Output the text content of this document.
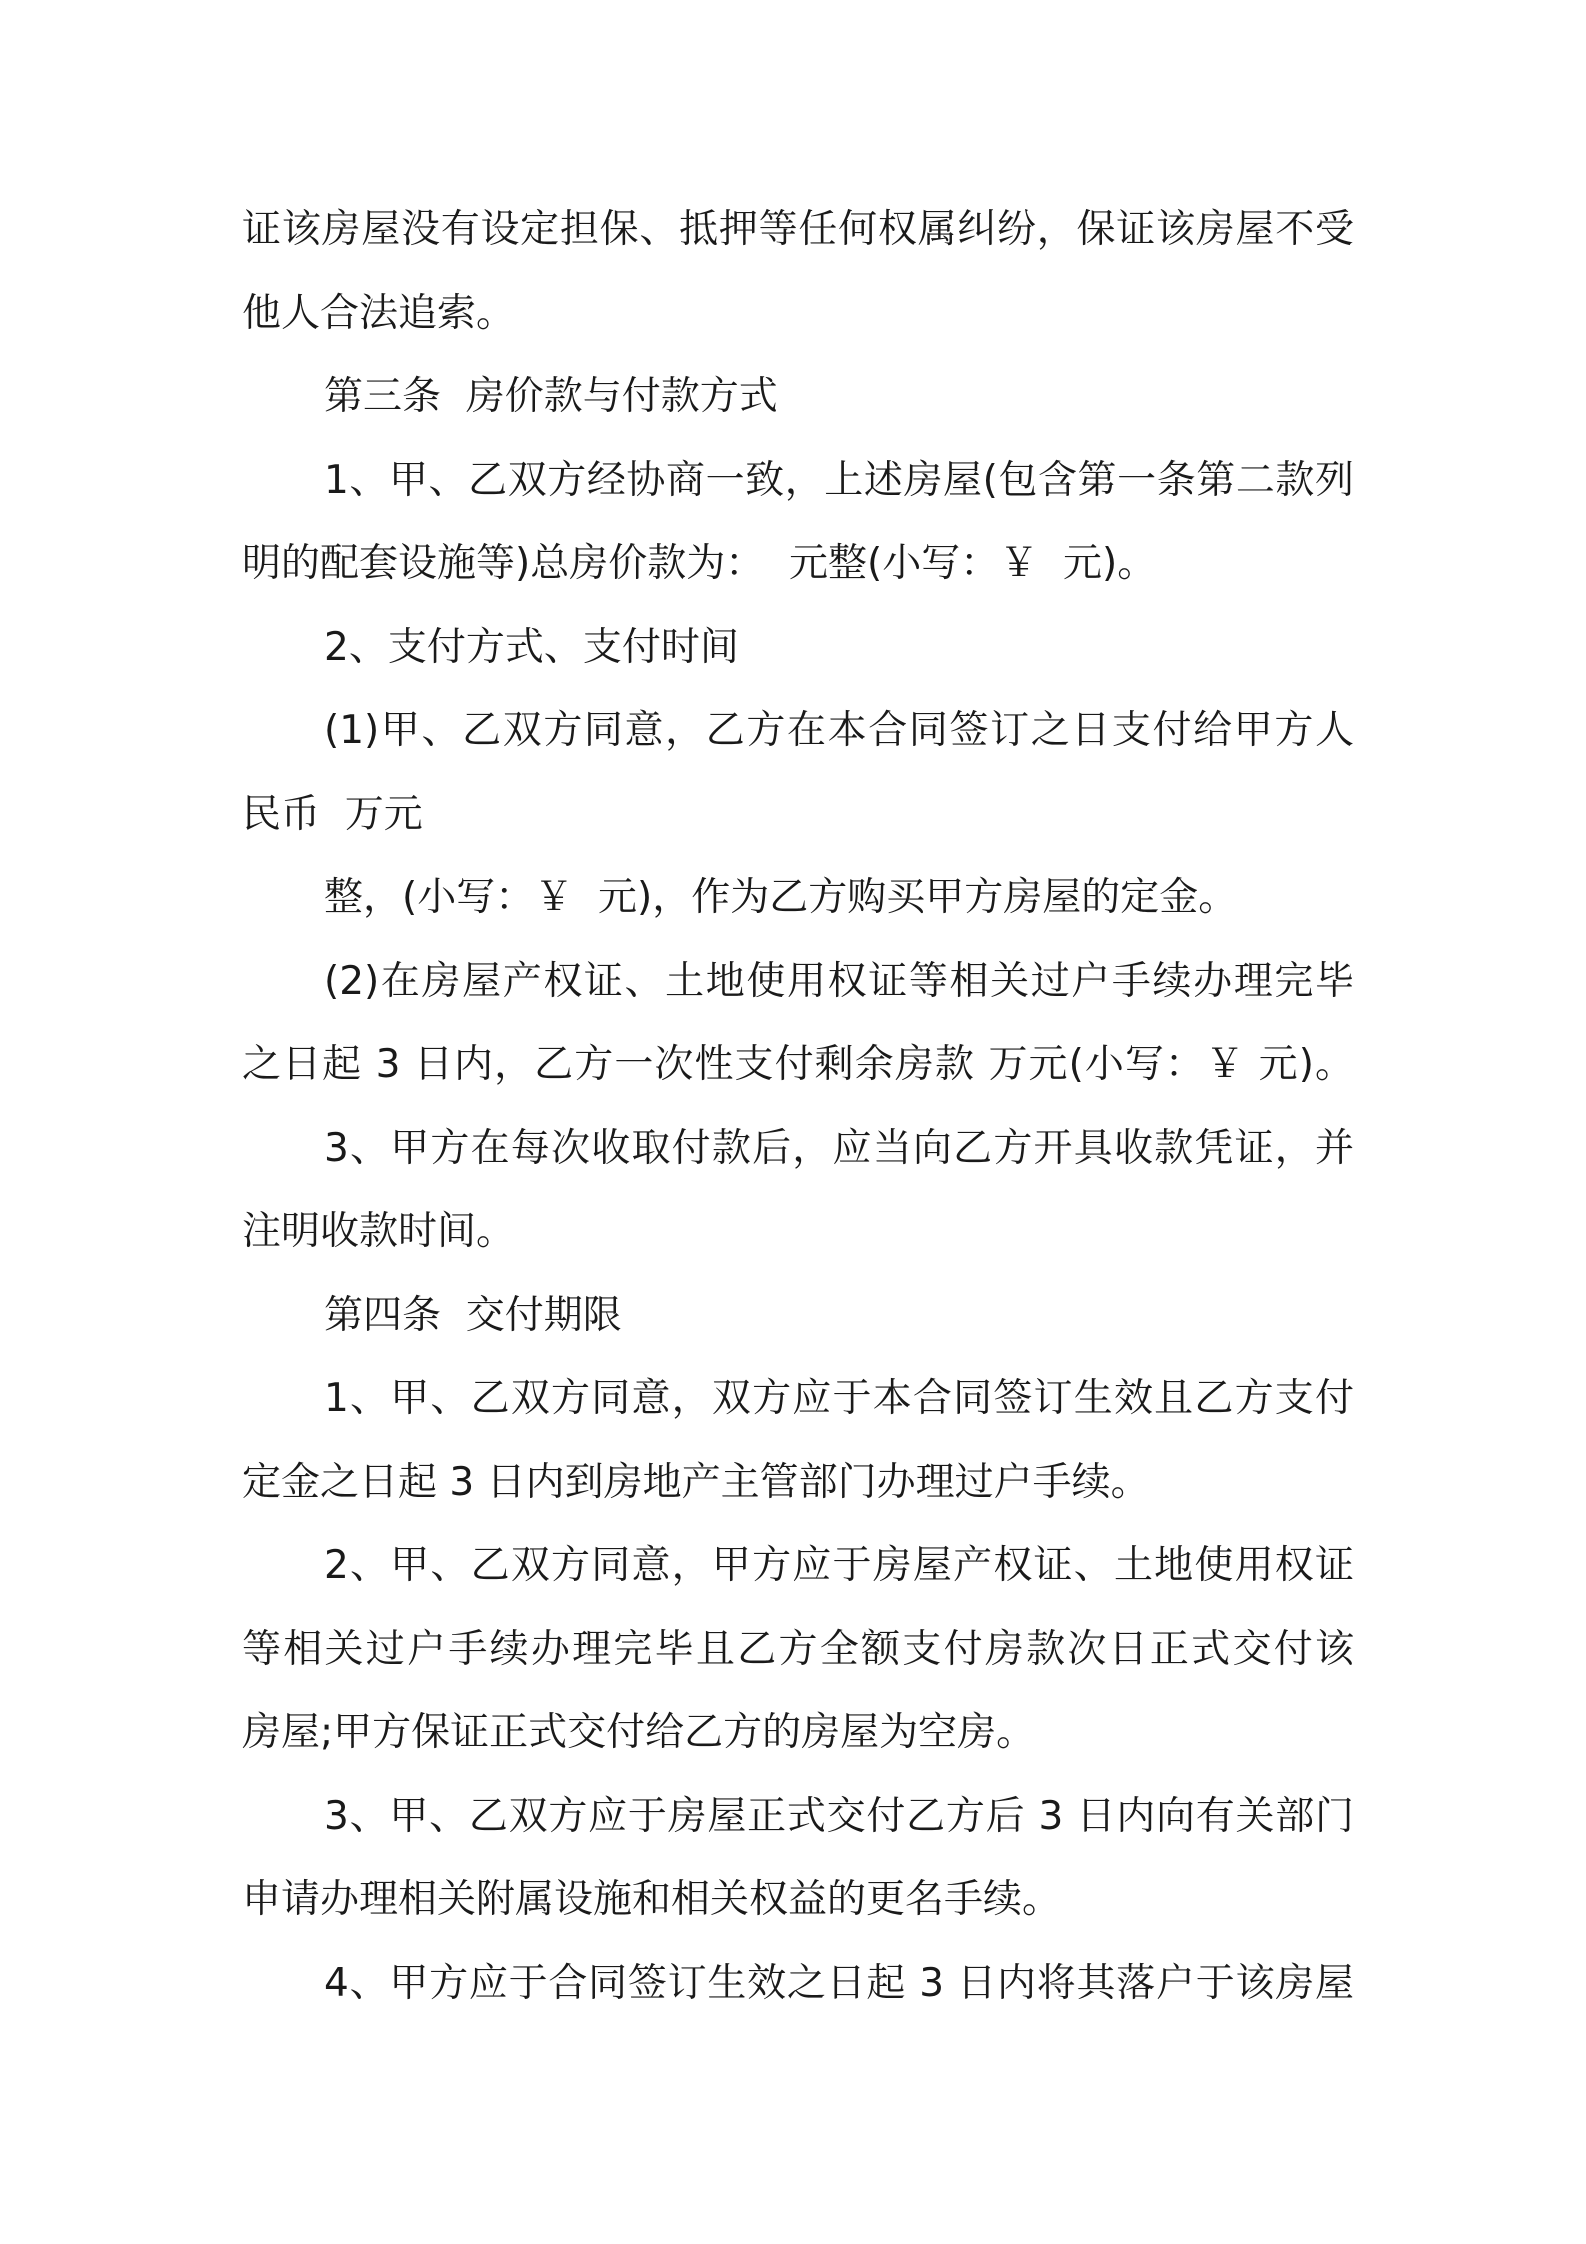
证该房屋没有设定担保、抵押等任何权属纠纷，保证该房屋不受
他人合法追索。
第三条  房价款与付款方式
1、甲、乙双方经协商一致，上述房屋(包含第一条第二款列
明的配套设施等)总房价款为：  元整(小写：￥  元)。
2、支付方式、支付时间
(1)甲、乙双方同意，乙方在本合同签订之日支付给甲方人
民币  万元
整，(小写：￥  元)，作为乙方购买甲方房屋的定金。
(2)在房屋产权证、土地使用权证等相关过户手续办理完毕
之日起 3 日内，乙方一次性支付剩余房款 万元(小写：￥ 元)。
3、甲方在每次收取付款后，应当向乙方开具收款凭证，并
注明收款时间。
第四条  交付期限
1、甲、乙双方同意，双方应于本合同签订生效且乙方支付
定金之日起 3 日内到房地产主管部门办理过户手续。
2、甲、乙双方同意，甲方应于房屋产权证、土地使用权证
等相关过户手续办理完毕且乙方全额支付房款次日正式交付该
房屋;甲方保证正式交付给乙方的房屋为空房。
3、甲、乙双方应于房屋正式交付乙方后 3 日内向有关部门
申请办理相关附属设施和相关权益的更名手续。
4、甲方应于合同签订生效之日起 3 日内将其落户于该房屋
